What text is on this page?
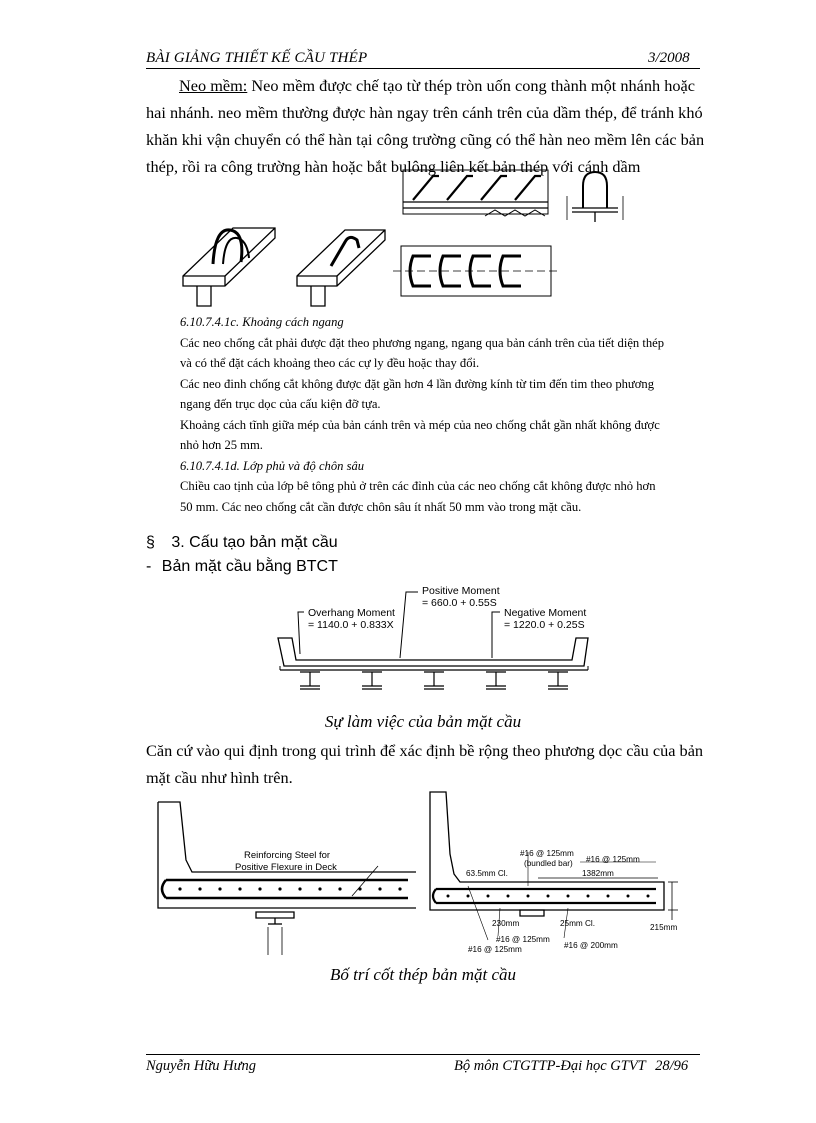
BÀI GIẢNG THIẾT KẾ CẦU THÉP	3/2008
Neo mềm: Neo mềm được chế tạo từ thép tròn uốn cong thành một nhánh hoặc
hai nhánh. neo mềm thường được hàn ngay trên cánh trên của dầm thép, để tránh khó
khăn khi vận chuyển có thể hàn tại công trường cũng có thể hàn neo mềm lên các bản
thép, rồi ra công trường hàn hoặc bắt bulông liên kết bản thép với cánh dầm
6.10.7.4.1c. Khoảng cách ngang
Các neo chống cắt phải được đặt theo phương ngang, ngang qua bản cánh trên của tiết diện thép
và có thể đặt cách khoảng theo các cự ly đều hoặc thay đổi.
Các neo đinh chống cắt không được đặt gần hơn 4 lần đường kính từ tim đến tim theo phương
ngang đến trục dọc của cấu kiện đỡ tựa.
Khoảng cách tĩnh giữa mép của bản cánh trên và mép của neo chống chắt gần nhất không được
nhỏ hơn 25 mm.
6.10.7.4.1d. Lớp phủ và độ chôn sâu
Chiều cao tịnh của lớp bê tông phủ ở trên các đỉnh của các neo chống cắt không được nhỏ hơn
50 mm. Các neo chống cắt cần được chôn sâu ít nhất 50 mm vào trong mặt cầu.
§ 3. Cấu tạo bản mặt cầu
- Bản mặt cầu bằng BTCT
Positive Moment
= 660.0 + 0.55S
Overhang Moment
= 1140.0 + 0.833X
Negative Moment
= 1220.0 + 0.25S
Sự làm việc của bản mặt cầu
Căn cứ vào qui định trong qui trình để xác định bề rộng theo phương dọc cầu của bản
mặt cầu như hình trên.
Reinforcing Steel for
Positive Flexure in Deck
#16 @ 125mm
(bundled bar) #16 @ 125mm
63.5mm Cl.	1382mm
230mm	25mm Cl.	215mm
#16 @ 125mm
#16 @ 125mm	#16 @ 200mm
Bố trí cốt thép bản mặt cầu
Nguyễn Hữu Hưng	Bộ môn CTGTTP-Đại học GTVT 28/96
